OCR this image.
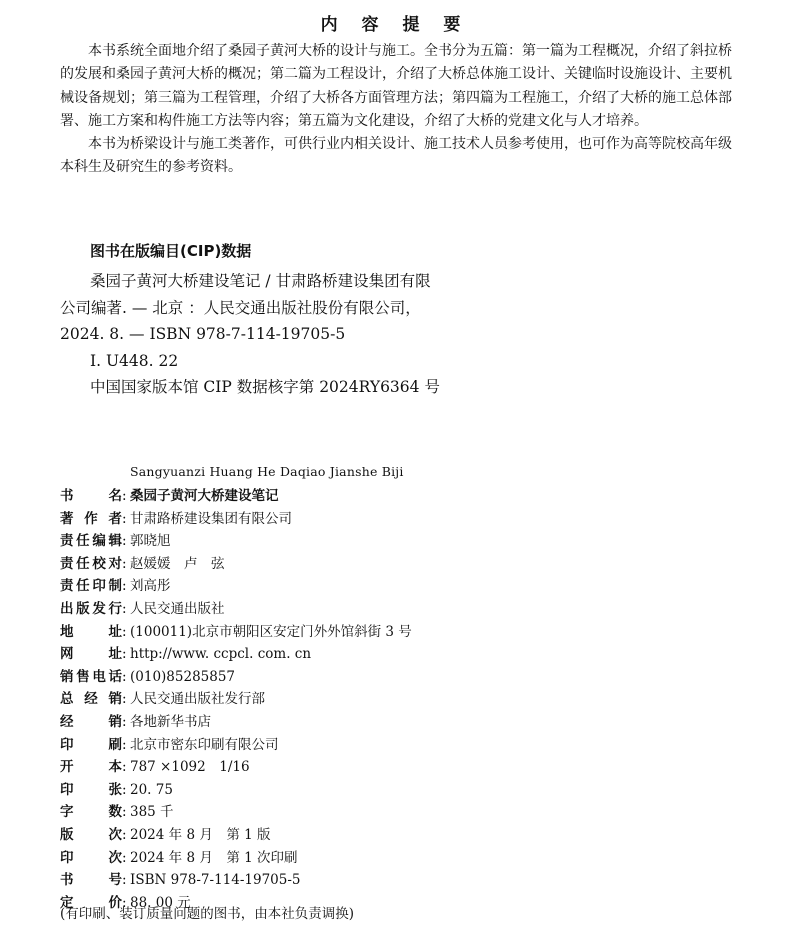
内 容 提 要

本书系统全面地介绍了桑园子黄河大桥的设计与施工。全书分为五篇：第一篇为工程概况，介绍了斜拉桥的发展和桑园子黄河大桥的概况；第二篇为工程设计，介绍了大桥总体施工设计、关键临时设施设计、主要机械设备规划；第三篇为工程管理，介绍了大桥各方面管理方法；第四篇为工程施工，介绍了大桥的施工总体部署、施工方案和构件施工方法等内容；第五篇为文化建设，介绍了大桥的党建文化与人才培养。

本书为桥梁设计与施工类著作，可供行业内相关设计、施工技术人员参考使用，也可作为高等院校高年级本科生及研究生的参考资料。

图书在版编目(CIP)数据
桑园子黄河大桥建设笔记 / 甘肃路桥建设集团有限
公司编著. — 北京 ：人民交通出版社股份有限公司，
2024. 8. — ISBN 978-7-114-19705-5
Ⅰ. U448. 22
中国国家版本馆 CIP 数据核字第 2024RY6364 号
Sangyuanzi Huang He Daqiao Jianshe Biji
书 名 : 桑园子黄河大桥建设笔记
著 作 者 : 甘肃路桥建设集团有限公司
责任编辑 : 郭晓旭
责任校对 : 赵媛媛　卢　弦
责任印制 : 刘高彤
出版发行 : 人民交通出版社
地 址 : (100011)北京市朝阳区安定门外外馆斜街 3 号
网 址 : http://www. ccpcl. com. cn
销售电话 : (010)85285857
总 经 销 : 人民交通出版社发行部
经 销 : 各地新华书店
印 刷 : 北京市密东印刷有限公司
开 本 : 787 ×1092　1/16
印 张 : 20. 75
字 数 : 385 千
版 次 : 2024 年 8 月　第 1 版
印 次 : 2024 年 8 月　第 1 次印刷
书 号 : ISBN 978-7-114-19705-5
定 价 : 88. 00 元
(有印刷、装订质量问题的图书，由本社负责调换)
